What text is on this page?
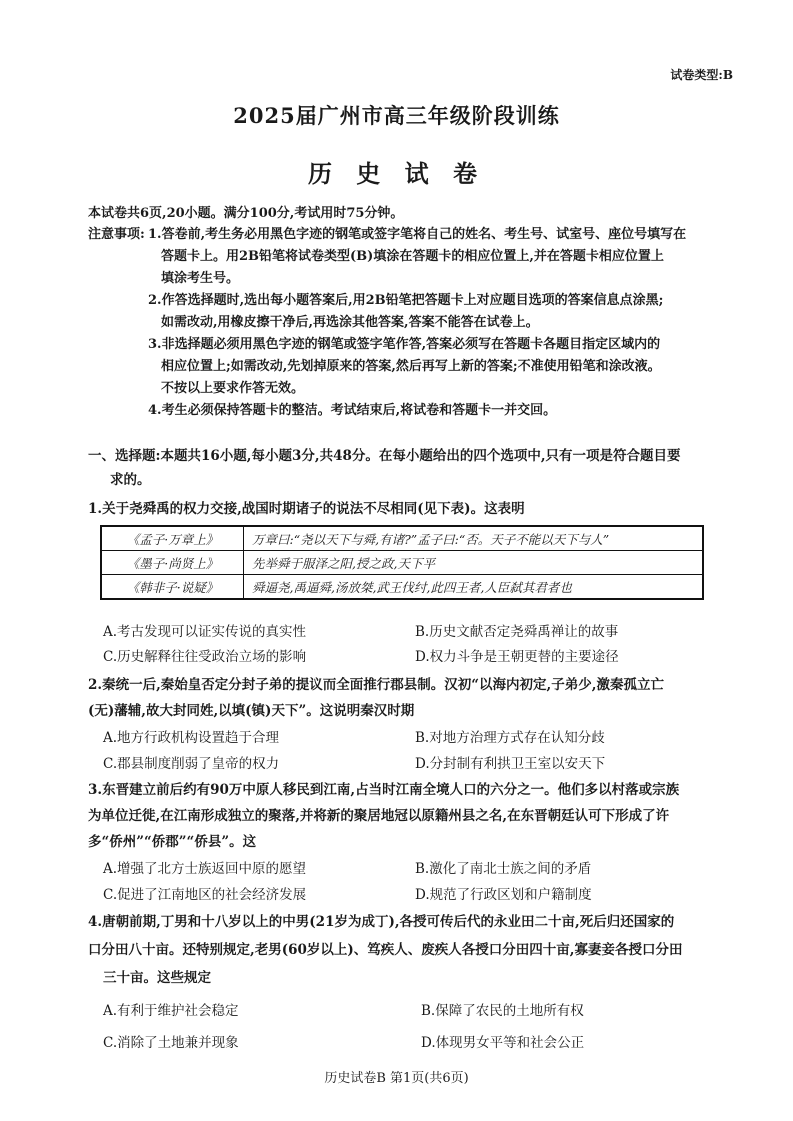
试卷类型:B
2025届广州市高三年级阶段训练
历 史 试 卷
本试卷共6页,20小题。满分100分,考试用时75分钟。
注意事项: 1.答卷前,考生务必用黑色字迹的钢笔或签字笔将自己的姓名、考生号、试室号、座位号填写在
答题卡上。用2B铅笔将试卷类型(B)填涂在答题卡的相应位置上,并在答题卡相应位置上
填涂考生号。
2.作答选择题时,选出每小题答案后,用2B铅笔把答题卡上对应题目选项的答案信息点涂黑;
如需改动,用橡皮擦干净后,再选涂其他答案,答案不能答在试卷上。
3.非选择题必须用黑色字迹的钢笔或签字笔作答,答案必须写在答题卡各题目指定区域内的
相应位置上;如需改动,先划掉原来的答案,然后再写上新的答案;不准使用铅笔和涂改液。
不按以上要求作答无效。
4.考生必须保持答题卡的整洁。考试结束后,将试卷和答题卡一并交回。
一、选择题:本题共16小题,每小题3分,共48分。在每小题给出的四个选项中,只有一项是符合题目要
求的。
1.关于尧舜禹的权力交接,战国时期诸子的说法不尽相同(见下表)。这表明
《孟子·万章上》	万章曰:“尧以天下与舜,有诸?”孟子曰:“否。天子不能以天下与人”
《墨子·尚贤上》	先举舜于服泽之阳,授之政,天下平
《韩非子·说疑》	舜逼尧,禹逼舜,汤放桀,武王伐纣,此四王者,人臣弑其君者也
A.考古发现可以证实传说的真实性	B.历史文献否定尧舜禹禅让的故事
C.历史解释往往受政治立场的影响	D.权力斗争是王朝更替的主要途径
2.秦统一后,秦始皇否定分封子弟的提议而全面推行郡县制。汉初“以海内初定,子弟少,激秦孤立亡
(无)藩辅,故大封同姓,以填(镇)天下”。这说明秦汉时期
A.地方行政机构设置趋于合理	B.对地方治理方式存在认知分歧
C.郡县制度削弱了皇帝的权力	D.分封制有利拱卫王室以安天下
3.东晋建立前后约有90万中原人移民到江南,占当时江南全境人口的六分之一。他们多以村落或宗族
为单位迁徙,在江南形成独立的聚落,并将新的聚居地冠以原籍州县之名,在东晋朝廷认可下形成了许
多“侨州”“侨郡”“侨县”。这
A.增强了北方士族返回中原的愿望	B.激化了南北士族之间的矛盾
C.促进了江南地区的社会经济发展	D.规范了行政区划和户籍制度
4.唐朝前期,丁男和十八岁以上的中男(21岁为成丁),各授可传后代的永业田二十亩,死后归还国家的
口分田八十亩。还特别规定,老男(60岁以上)、笃疾人、废疾人各授口分田四十亩,寡妻妾各授口分田
三十亩。这些规定
A.有利于维护社会稳定	B.保障了农民的土地所有权
C.消除了土地兼并现象	D.体现男女平等和社会公正
历史试卷B 第1页(共6页)
